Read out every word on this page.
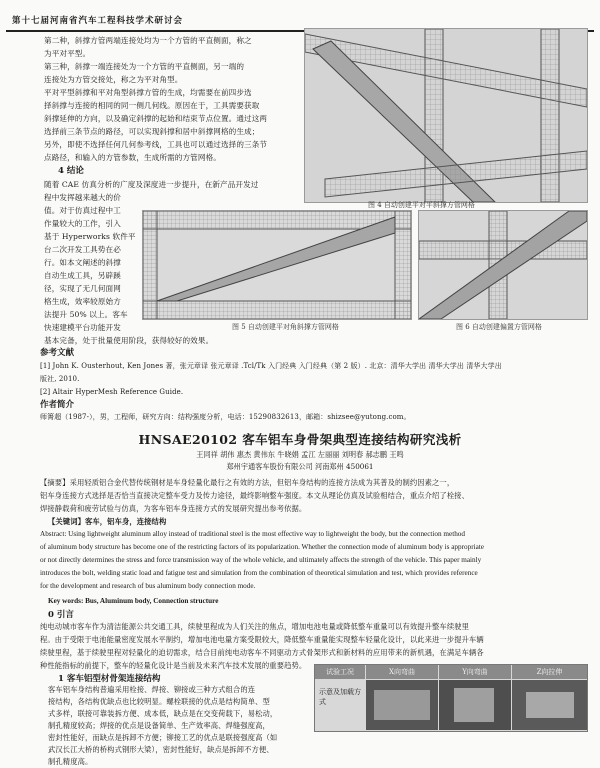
第十七届河南省汽车工程科技学术研讨会
第二种，斜撑方管两端连接处均为一个方管的平直侧面，称之
为平对平型。
第三种，斜撑一端连接处为一个方管的平直侧面，另一端的
连接处为方管交接处，称之为平对角型。
平对平型斜撑和平对角型斜撑方管的生成，均需要在前四步选
择斜撑与连接的相同的同一侧几何线。原因在于，工具需要获取
斜撑延伸的方向，以及确定斜撑的起始和结束节点位置。通过这两
选择前三条节点的路径，可以实现斜撑和居中斜撑网格的生成；
另外，即使不选择任何几何参考线，工具也可以通过选择的三条节
点路径，和输入的方管参数，生成所需的方管网格。
4 结论
随着 CAE 仿真分析的广度及深度进一步提升，在新产品开发过
程中发挥越来越大的价
值。对于仿真过程中工
作量较大的工作，引入
基于 Hyperworks 软件平
台二次开发工具势在必
行。如本文阐述的斜撑
自动生成工具，另辟蹊
径，实现了无几何面网
格生成，效率较原始方
法提升 50% 以上。客车
快速建模平台功能开发
基本完备，处于批量使用阶段，获得较好的效果。
图 4 自动创建平对平斜撑方管网格
图 5 自动创建平对角斜撑方管网格	图 6 自动创建偏置方管网格
参考文献
[1] John K. Ousterhout, Ken Jones 著，张元章译 张元章译 .Tcl/Tk 入门经典 入门经典（第 2 版）. 北京：清华大学出 清华大学出 清华大学出
版社, 2010.
[2] Altair HyperMesh Reference Guide.
作者简介
师箐超（1987-），男，工程师，研究方向：结构强度分析，电话：15290832613，邮箱：shizsee@yutong.com。
HNSAE20102 客车铝车身骨架典型连接结构研究浅析
王同祥 胡伟 惠杰 黄伟东 牛晓娟 孟江 左丽丽 刘明春 郝志鹏 王鸣
郑州宇通客车股份有限公司 河南郑州 450061
【摘要】采用轻质铝合金代替传统钢材是车身轻量化最行之有效的方法，但铝车身结构的连接方法成为其普及的制约因素之一，
铝车身连接方式选择是否恰当直接决定整车受力及传力途径，最终影响整车强度。本文从理论仿真及试验相结合，重点介绍了栓接、
焊接静载荷和疲劳试验与仿真，为客车铝车身连接方式的发展研究提出参考依据。
【关键词】客车，铝车身，连接结构
Abstract: Using lightweight aluminum alloy instead of traditional steel is the most effective way to lightweight the body, but the connection method
of aluminum body structure has become one of the restricting factors of its popularization. Whether the connection mode of aluminum body is appropriate
or not directly determines the stress and force transmission way of the whole vehicle, and ultimately affects the strength of the vehicle. This paper mainly
introduces the bolt, welding static load and fatigue test and simulation from the combination of theoretical simulation and test, which provides reference
for the development and research of bus aluminum body connection mode.
Key words: Bus, Aluminum body, Connection structure
0 引言
纯电动城市客车作为清洁能源公共交通工具，续驶里程成为人们关注的焦点，增加电池电量或降低整车重量可以有效提升整车续驶里
程。由于受限于电池能量密度发展水平制约，增加电池电量方案受限较大，降低整车重量能实现整车轻量化设计，以此来进一步提升车辆
续驶里程，基于续驶里程对轻量化的迫切需求，结合目前纯电动客车不同驱动方式骨架形式和新材料的应用带来的新机遇，在满足车辆各
种性能指标的前提下，整车的轻量化设计是当前及未来汽车技术发展的重要趋势。
1 客车铝型材骨架连接结构
客车铝车身结构普遍采用栓接、焊接、铆接或三种方式组合的连
接结构，各结构优缺点也比较明显。螺栓联接的优点是结构简单、型
式多样，联接可靠装拆方便、成本低，缺点是在交变荷载下，易松动，
制孔精度较高；焊接的优点是设备简单、生产效率高、焊缝强度高，
密封性能好，而缺点是拆卸不方便；铆接工艺的优点是联接强度高（如
武汉长江大桥的桥构式钢形大梁），密封性能好，缺点是拆卸不方便、
制孔精度高。
试验工况	X向弯曲	Y向弯曲	Z向拉伸
示意及加载方式
